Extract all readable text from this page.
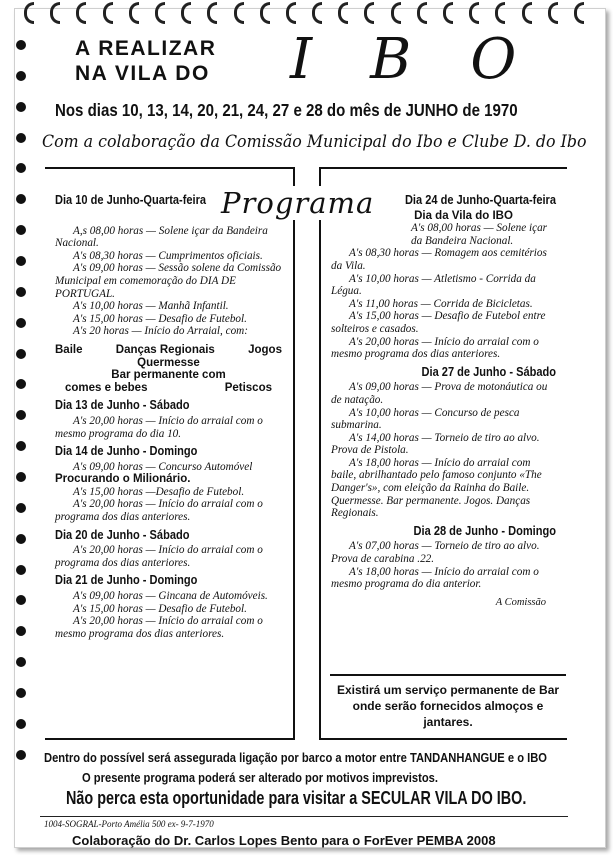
A REALIZAR
NA VILA DO IBO
Nos dias 10, 13, 14, 20, 21, 24, 27 e 28 do mês de JUNHO de 1970
Com a colaboração da Comissão Municipal do Ibo e Clube D. do Ibo
Programa
Dia 10 de Junho-Quarta-feira

A,s 08,00 horas — Solene içar da Bandeira Nacional.

A's 08,30 horas — Cumprimentos oficiais.

A's 09,00 horas — Sessão solene da Comissão Municipal em comemoração do DIA DE PORTUGAL.

A's 10,00 horas — Manhã Infantil.

A's 15,00 horas — Desafio de Futebol.

A's 20 horas — Início do Arraial, com:

Baile	Danças Regionais	Jogos
Quermesse
Bar permanente com
comes e bebes	Petiscos
Dia 13 de Junho - Sábado

A's 20,00 horas — Início do arraial com o mesmo programa do dia 10.

Dia 14 de Junho - Domingo

A's 09,00 horas — Concurso Automóvel Procurando o Milionário.

A's 15,00 horas —Desafio de Futebol.

A's 20,00 horas — Início do arraial com o programa dos dias anteriores.

Dia 20 de Junho - Sábado

A's 20,00 horas — Início do arraial com o programa dos dias anteriores.

Dia 21 de Junho - Domingo

A's 09,00 horas — Gincana de Automóveis.

A's 15,00 horas — Desafio de Futebol.

A's 20,00 horas — Início do arraial com o mesmo programa dos dias anteriores.

Dia 24 de Junho-Quarta-feira
Dia da Vila do IBO

A's 08,00 horas — Solene içar da Bandeira Nacional.

A's 08,30 horas — Romagem aos cemitérios da Vila.

A's 10,00 horas — Atletismo - Corrida da Légua.

A's 11,00 horas — Corrida de Bicicletas.

A's 15,00 horas — Desafio de Futebol entre solteiros e casados.

A's 20,00 horas — Início do arraial com o mesmo programa dos dias anteriores.

Dia 27 de Junho - Sábado

A's 09,00 horas — Prova de motonáutica ou de natação.

A's 10,00 horas — Concurso de pesca submarina.

A's 14,00 horas — Torneio de tiro ao alvo. Prova de Pistola.

A's 18,00 horas — Início do arraial com baile, abrilhantado pelo famoso conjunto «The Danger's», com eleição da Rainha do Baile. Quermesse. Bar permanente. Jogos. Danças Regionais.

Dia 28 de Junho - Domingo

A's 07,00 horas — Torneio de tiro ao alvo. Prova de carabina .22.

A's 18,00 horas — Início do arraial com o mesmo programa do dia anterior.

A Comissão
Existirá um serviço permanente de Bar onde serão fornecidos almoços e jantares.
Dentro do possível será assegurada ligação por barco a motor entre TANDANHANGUE e o IBO
O presente programa poderá ser alterado por motivos imprevistos.
Não perca esta oportunidade para visitar a SECULAR VILA DO IBO.
1004-SOGRAL-Porto Amélia 500 ex- 9-7-1970
Colaboração do Dr. Carlos Lopes Bento para o ForEver PEMBA 2008
